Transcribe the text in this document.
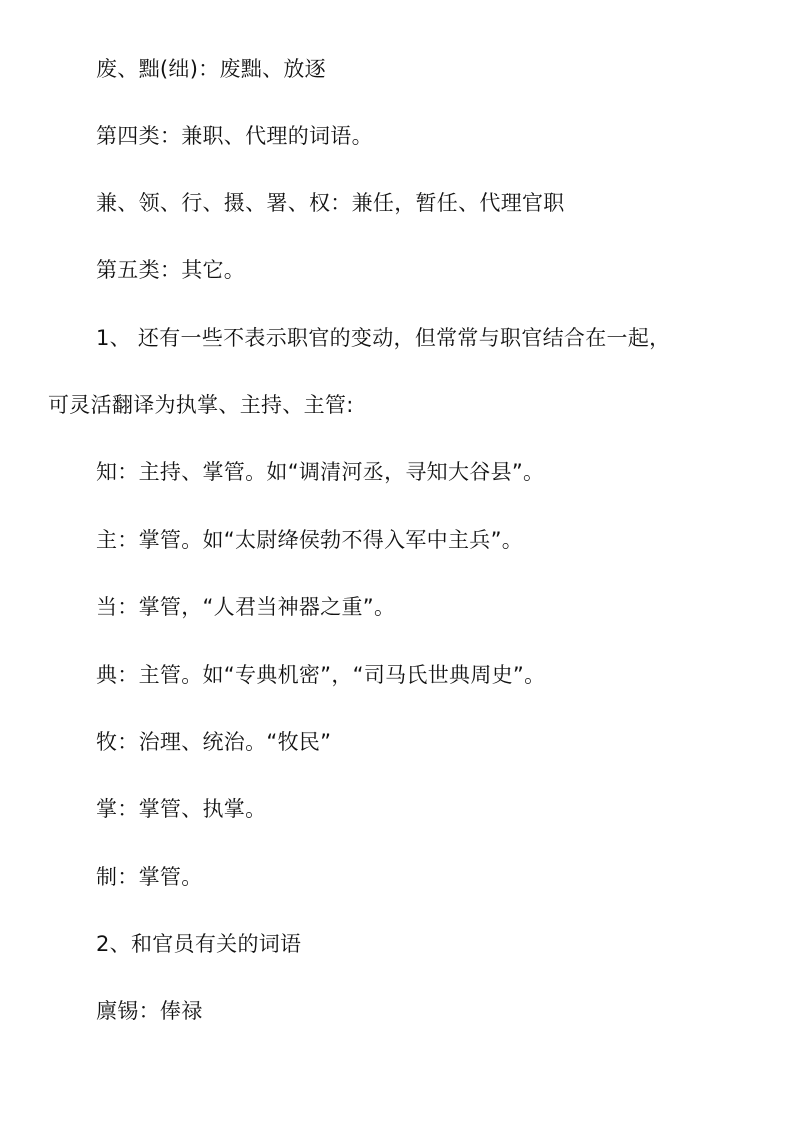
废、黜(绌)：废黜、放逐
第四类：兼职、代理的词语。
兼、领、行、摄、署、权：兼任，暂任、代理官职
第五类：其它。
1、 还有一些不表示职官的变动，但常常与职官结合在一起，
可灵活翻译为执掌、主持、主管:
知：主持、掌管。如“调清河丞，寻知大谷县”。
主：掌管。如“太尉绛侯勃不得入军中主兵”。
当：掌管，“人君当神器之重”。
典：主管。如“专典机密”，“司马氏世典周史”。
牧：治理、统治。“牧民”
掌：掌管、执掌。
制：掌管。
2、和官员有关的词语
廪锡：俸禄
